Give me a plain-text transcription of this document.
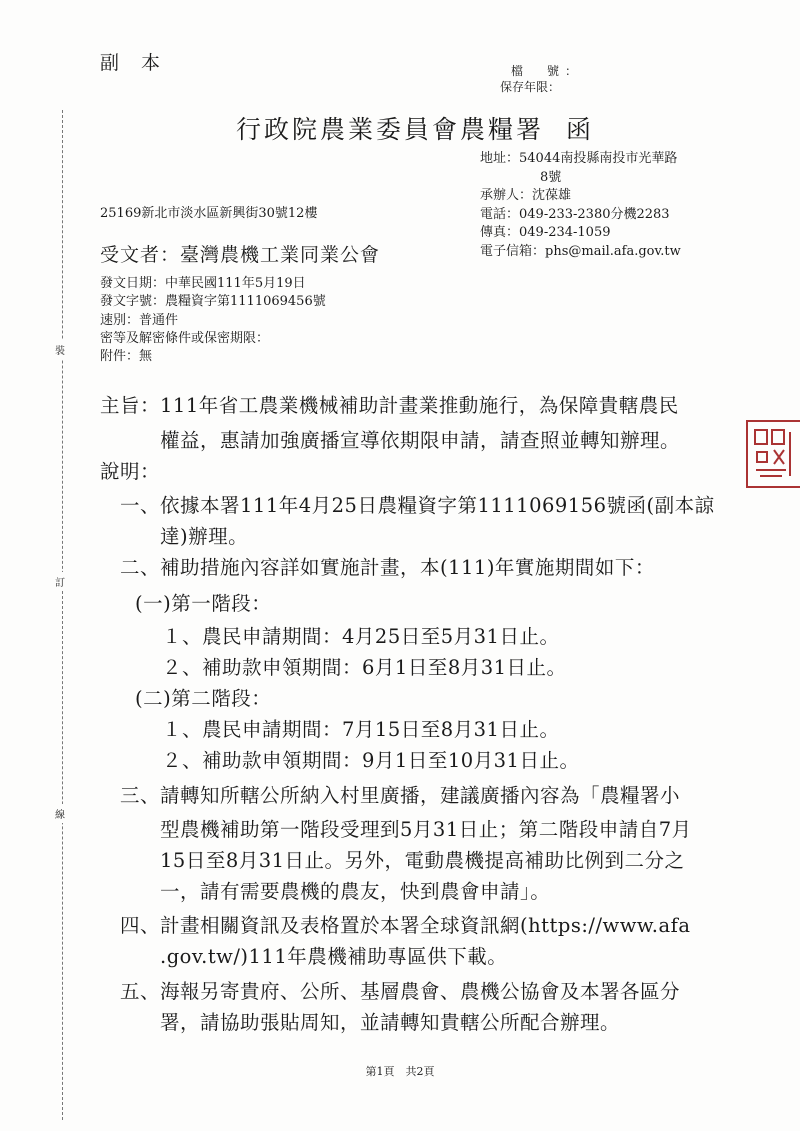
裝
訂
線
副本	檔　號：
保存年限：
行政院農業委員會農糧署 函
地址：54044南投縣南投市光華路
8號
承辦人：沈葆雄
電話：049-233-2380分機2283
傳真：049-234-1059
電子信箱：phs@mail.afa.gov.tw
25169新北市淡水區新興街30號12樓
受文者：臺灣農機工業同業公會
發文日期：中華民國111年5月19日
發文字號：農糧資字第1111069456號
速別：普通件
密等及解密條件或保密期限：
附件：無
主旨：111年省工農業機械補助計畫業推動施行，為保障貴轄農民
權益，惠請加強廣播宣導依期限申請，請查照並轉知辦理。
說明：
一、依據本署111年4月25日農糧資字第1111069156號函(副本諒
達)辦理。
二、補助措施內容詳如實施計畫，本(111)年實施期間如下：
(一)第一階段：
１、農民申請期間：4月25日至5月31日止。
２、補助款申領期間：6月1日至8月31日止。
(二)第二階段：
１、農民申請期間：7月15日至8月31日止。
２、補助款申領期間：9月1日至10月31日止。
三、請轉知所轄公所納入村里廣播，建議廣播內容為「農糧署小
型農機補助第一階段受理到5月31日止；第二階段申請自7月
15日至8月31日止。另外，電動農機提高補助比例到二分之
一，請有需要農機的農友，快到農會申請」。
四、計畫相關資訊及表格置於本署全球資訊網(https://www.afa
.gov.tw/)111年農機補助專區供下載。
五、海報另寄貴府、公所、基層農會、農機公協會及本署各區分
署，請協助張貼周知，並請轉知貴轄公所配合辦理。
第1頁　共2頁
